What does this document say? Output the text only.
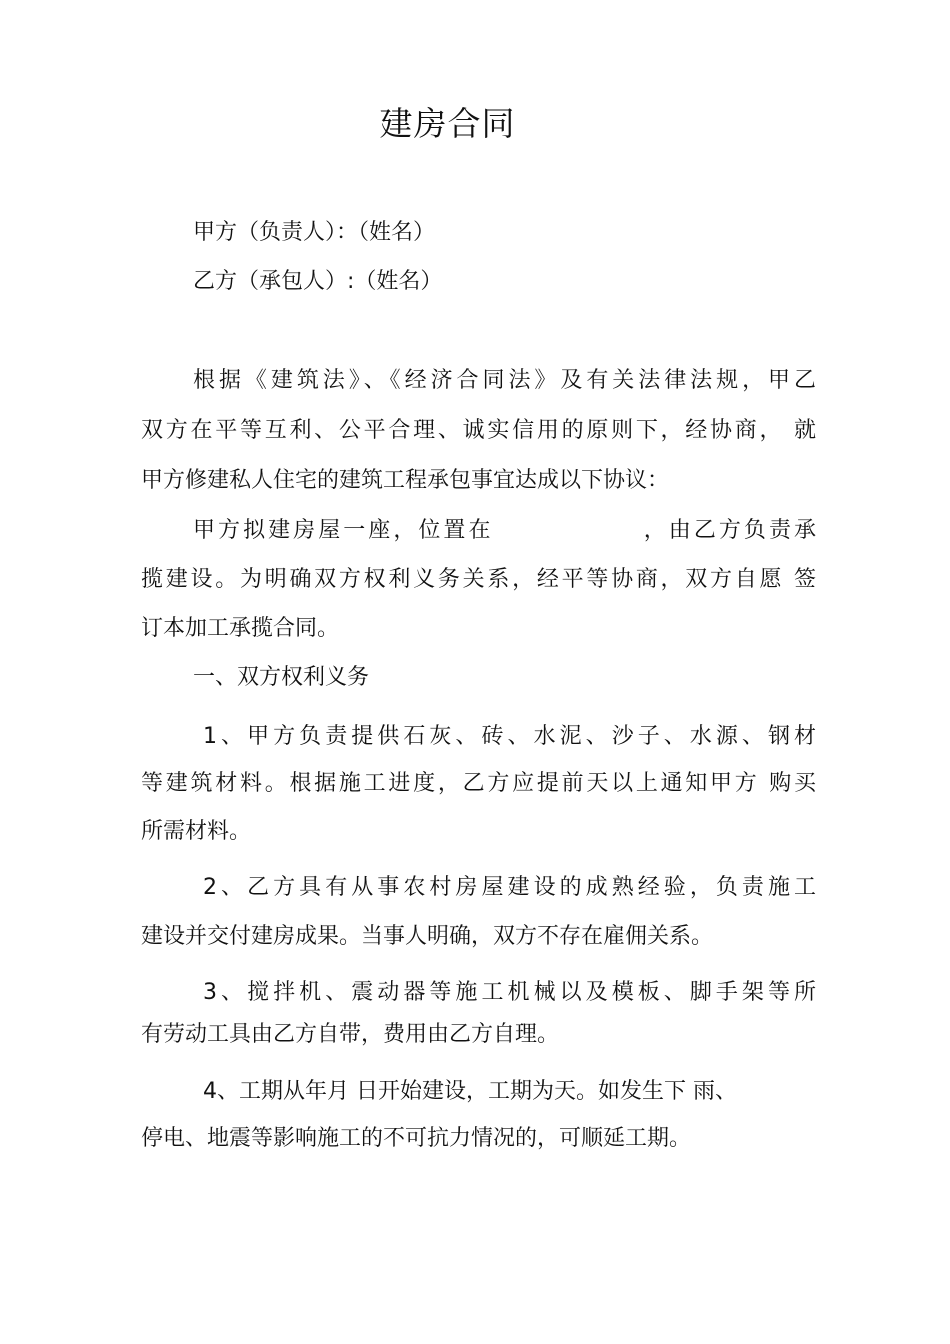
建房合同
甲方（负责人）：（姓名）
乙方（承包人）:（姓名）
根据《建筑法》、《经济合同法》及有关法律法规，甲乙
双方在平等互利、公平合理、诚实信用的原则下，经协商， 就
甲方修建私人住宅的建筑工程承包事宜达成以下协议：
甲方拟建房屋一座，位置在　　　　　　，由乙方负责承
揽建设。为明确双方权利义务关系，经平等协商，双方自愿 签
订本加工承揽合同。
一、双方权利义务
1、甲方负责提供石灰、砖、水泥、沙子、水源、钢材
等建筑材料。根据施工进度，乙方应提前天以上通知甲方 购买
所需材料。
2、乙方具有从事农村房屋建设的成熟经验，负责施工
建设并交付建房成果。当事人明确，双方不存在雇佣关系。
3、搅拌机、震动器等施工机械以及模板、脚手架等所
有劳动工具由乙方自带，费用由乙方自理。
4、工期从年月 日开始建设，工期为天。如发生下 雨、
停电、地震等影响施工的不可抗力情况的，可顺延工期。
